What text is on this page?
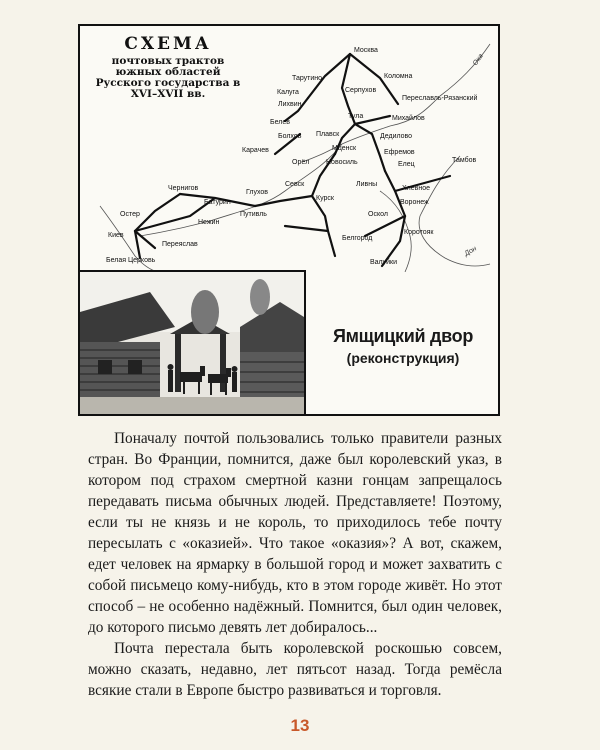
Москва
Тарутино	Коломна
Переславль-Рязанский
Калуга
Лихвин
Серпухов
Тула	Михайлов
Белев
Дедилово
Болхов Плавск
Мценск
Карачев	Ефремов
Орёл Новосиль	Елец
Тамбов
Севск	Ливны
Хлевное
Чернигов
Глухов
Курск
Воронеж
Батурин
Остер
Нежин
Путивль	Оскол
Киев
Переяслав
Коротояк
Белгород
Белая Церковь	Валуйки
Ока
Дон
СХЕМА
почтовых трактов южных областей Русского государства в XVI–XVII вв.
Ямщицкий двор
(реконструкция)

Поначалу почтой пользовались только правители разных стран. Во Франции, помнится, даже был королевский указ, в котором под страхом смертной казни гонцам запрещалось передавать письма обычных людей. Представляете! Поэтому, если ты не князь и не король, то приходилось тебе почту пересылать с «оказией». Что такое «оказия»? А вот, скажем, едет человек на ярмарку в большой город и может захватить с собой письмецо кому-нибудь, кто в этом городе живёт. Но этот способ – не особенно надёжный. Помнится, был один человек, до которого письмо девять лет добиралось...

Почта перестала быть королевской роскошью совсем, можно сказать, недавно, лет пятьсот назад. Тогда ремёсла всякие стали в Европе быстро развиваться и торговля.

13
